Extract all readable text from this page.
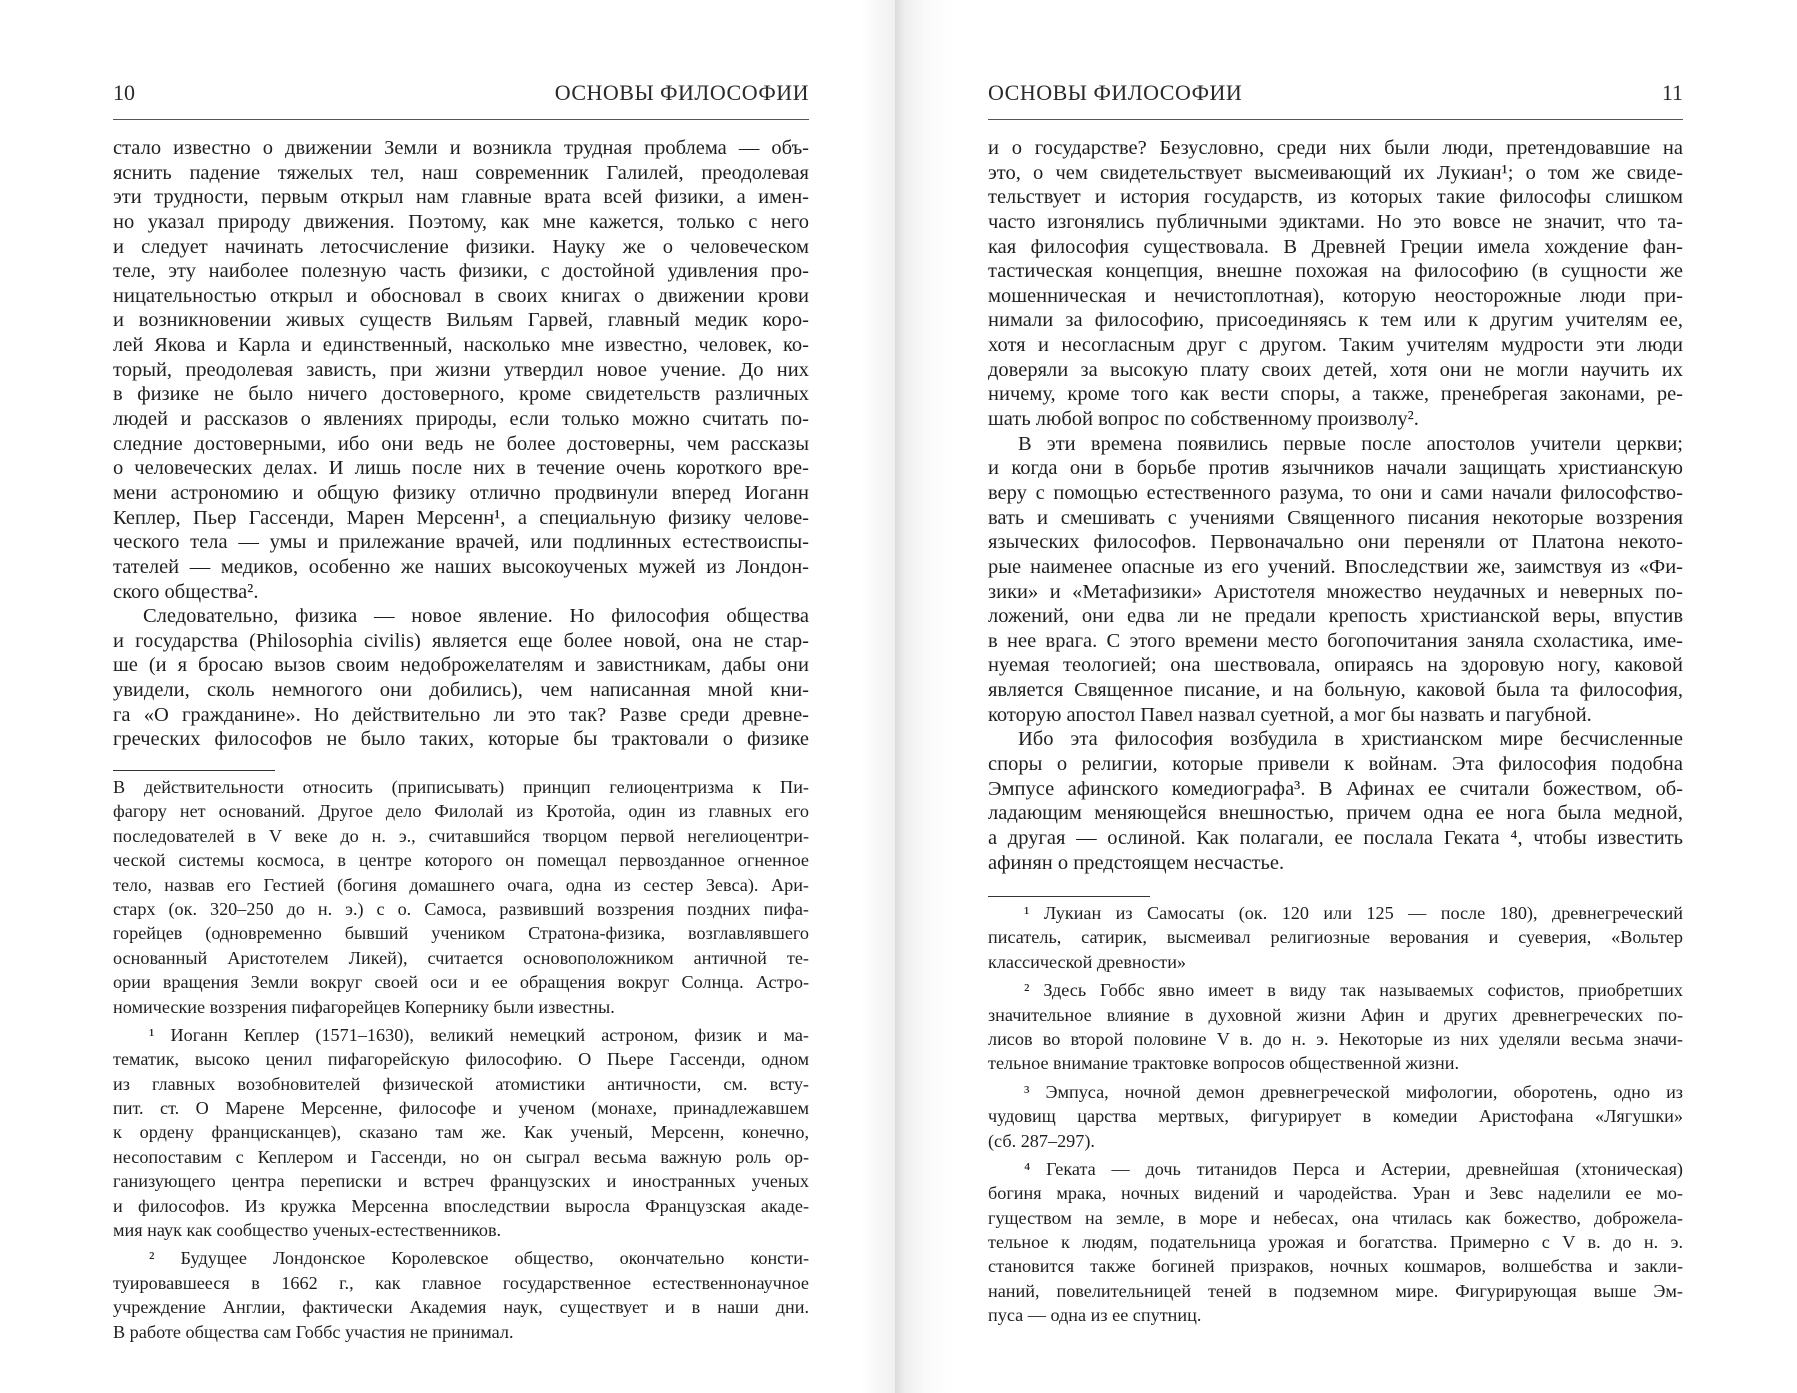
10	ОСНОВЫ ФИЛОСОФИИ
стало известно о движении Земли и возникла трудная проблема — объ-
яснить падение тяжелых тел, наш современник Галилей, преодолевая
эти трудности, первым открыл нам главные врата всей физики, а имен-
но указал природу движения. Поэтому, как мне кажется, только с него
и следует начинать летосчисление физики. Науку же о человеческом
теле, эту наиболее полезную часть физики, с достойной удивления про-
ницательностью открыл и обосновал в своих книгах о движении крови
и возникновении живых существ Вильям Гарвей, главный медик коро-
лей Якова и Карла и единственный, насколько мне известно, человек, ко-
торый, преодолевая зависть, при жизни утвердил новое учение. До них
в физике не было ничего достоверного, кроме свидетельств различных
людей и рассказов о явлениях природы, если только можно считать по-
следние достоверными, ибо они ведь не более достоверны, чем рассказы
о человеческих делах. И лишь после них в течение очень короткого вре-
мени астрономию и общую физику отлично продвинули вперед Иоганн
Кеплер, Пьер Гассенди, Марен Мерсенн¹, а специальную физику челове-
ческого тела — умы и прилежание врачей, или подлинных естествоиспы-
тателей — медиков, особенно же наших высокоученых мужей из Лондон-
ского общества².
Следовательно, физика — новое явление. Но философия общества
и государства (Philosophia civilis) является еще более новой, она не стар-
ше (и я бросаю вызов своим недоброжелателям и завистникам, дабы они
увидели, сколь немногого они добились), чем написанная мной кни-
га «О гражданине». Но действительно ли это так? Разве среди древне-
греческих философов не было таких, которые бы трактовали о физике
В действительности относить (приписывать) принцип гелиоцентризма к Пи-
фагору нет оснований. Другое дело Филолай из Кротойа, один из главных его
последователей в V веке до н. э., считавшийся творцом первой негелиоцентри-
ческой системы космоса, в центре которого он помещал первозданное огненное
тело, назвав его Гестией (богиня домашнего очага, одна из сестер Зевса). Ари-
старх (ок. 320–250 до н. э.) с о. Самоса, развивший воззрения поздних пифа-
горейцев (одновременно бывший учеником Стратона-физика, возглавлявшего
основанный Аристотелем Ликей), считается основоположником античной те-
ории вращения Земли вокруг своей оси и ее обращения вокруг Солнца. Астро-
номические воззрения пифагорейцев Копернику были известны.
¹ Иоганн Кеплер (1571–1630), великий немецкий астроном, физик и ма-
тематик, высоко ценил пифагорейскую философию. О Пьере Гассенди, одном
из главных возобновителей физической атомистики античности, см. всту-
пит. ст. О Марене Мерсенне, философе и ученом (монахе, принадлежавшем
к ордену францисканцев), сказано там же. Как ученый, Мерсенн, конечно,
несопоставим с Кеплером и Гассенди, но он сыграл весьма важную роль ор-
ганизующего центра переписки и встреч французских и иностранных ученых
и философов. Из кружка Мерсенна впоследствии выросла Французская акаде-
мия наук как сообщество ученых-естественников.
² Будущее Лондонское Королевское общество, окончательно консти-
туировавшееся в 1662 г., как главное государственное естественнонаучное
учреждение Англии, фактически Академия наук, существует и в наши дни.
В работе общества сам Гоббс участия не принимал.
ОСНОВЫ ФИЛОСОФИИ	11
и о государстве? Безусловно, среди них были люди, претендовавшие на
это, о чем свидетельствует высмеивающий их Лукиан¹; о том же свиде-
тельствует и история государств, из которых такие философы слишком
часто изгонялись публичными эдиктами. Но это вовсе не значит, что та-
кая философия существовала. В Древней Греции имела хождение фан-
тастическая концепция, внешне похожая на философию (в сущности же
мошенническая и нечистоплотная), которую неосторожные люди при-
нимали за философию, присоединяясь к тем или к другим учителям ее,
хотя и несогласным друг с другом. Таким учителям мудрости эти люди
доверяли за высокую плату своих детей, хотя они не могли научить их
ничему, кроме того как вести споры, а также, пренебрегая законами, ре-
шать любой вопрос по собственному произволу².
В эти времена появились первые после апостолов учители церкви;
и когда они в борьбе против язычников начали защищать христианскую
веру с помощью естественного разума, то они и сами начали философство-
вать и смешивать с учениями Священного писания некоторые воззрения
языческих философов. Первоначально они переняли от Платона некото-
рые наименее опасные из его учений. Впоследствии же, заимствуя из «Фи-
зики» и «Метафизики» Аристотеля множество неудачных и неверных по-
ложений, они едва ли не предали крепость христианской веры, впустив
в нее врага. С этого времени место богопочитания заняла схоластика, име-
нуемая теологией; она шествовала, опираясь на здоровую ногу, каковой
является Священное писание, и на больную, каковой была та философия,
которую апостол Павел назвал суетной, а мог бы назвать и пагубной.
Ибо эта философия возбудила в христианском мире бесчисленные
споры о религии, которые привели к войнам. Эта философия подобна
Эмпусе афинского комедиографа³. В Афинах ее считали божеством, об-
ладающим меняющейся внешностью, причем одна ее нога была медной,
а другая — ослиной. Как полагали, ее послала Геката ⁴, чтобы известить
афинян о предстоящем несчастье.
¹ Лукиан из Самосаты (ок. 120 или 125 — после 180), древнегреческий
писатель, сатирик, высмеивал религиозные верования и суеверия, «Вольтер
классической древности»
² Здесь Гоббс явно имеет в виду так называемых софистов, приобретших
значительное влияние в духовной жизни Афин и других древнегреческих по-
лисов во второй половине V в. до н. э. Некоторые из них уделяли весьма значи-
тельное внимание трактовке вопросов общественной жизни.
³ Эмпуса, ночной демон древнегреческой мифологии, оборотень, одно из
чудовищ царства мертвых, фигурирует в комедии Аристофана «Лягушки»
(сб. 287–297).
⁴ Геката — дочь титанидов Перса и Астерии, древнейшая (хтоническая)
богиня мрака, ночных видений и чародейства. Уран и Зевс наделили ее мо-
гуществом на земле, в море и небесах, она чтилась как божество, доброжела-
тельное к людям, подательница урожая и богатства. Примерно с V в. до н. э.
становится также богиней призраков, ночных кошмаров, волшебства и закли-
наний, повелительницей теней в подземном мире. Фигурирующая выше Эм-
пуса — одна из ее спутниц.
